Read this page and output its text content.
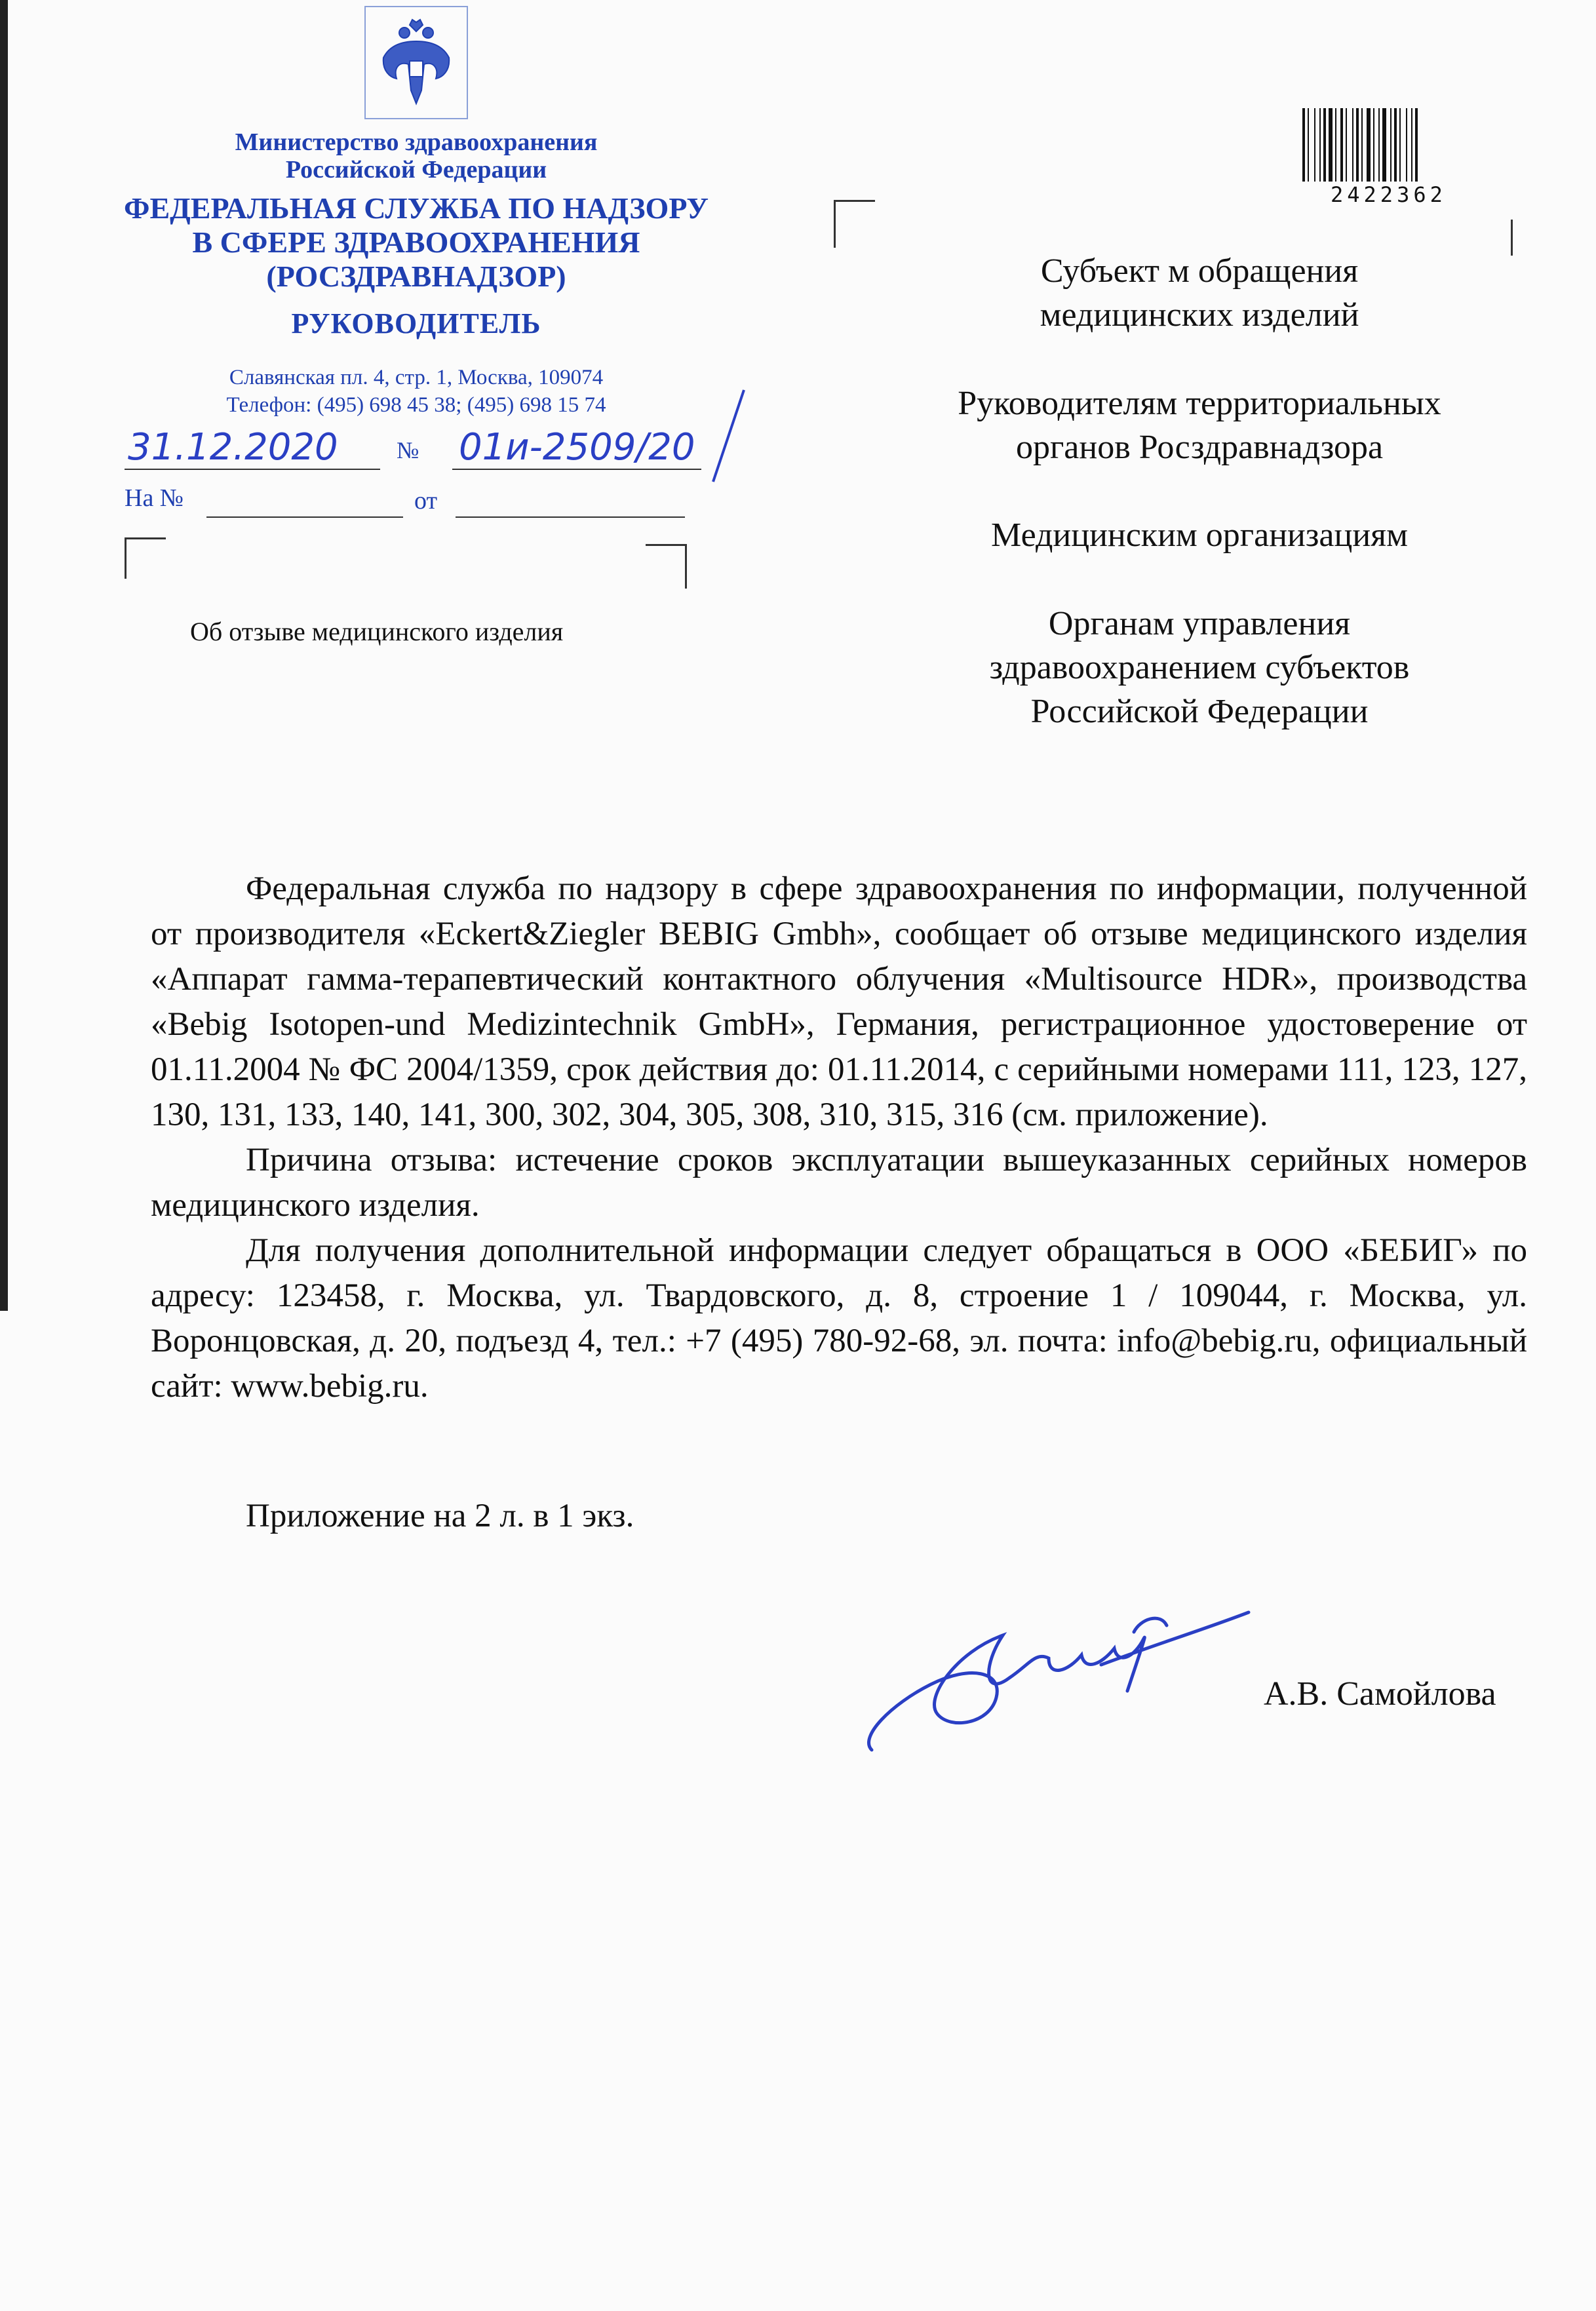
Министерство здравоохранения
Российской Федерации
ФЕДЕРАЛЬНАЯ СЛУЖБА ПО НАДЗОРУ
В СФЕРЕ ЗДРАВООХРАНЕНИЯ
(РОСЗДРАВНАДЗОР)
РУКОВОДИТЕЛЬ
Славянская пл. 4, стр. 1, Москва, 109074
Телефон: (495) 698 45 38; (495) 698 15 74
31.12.2020 № 01и-2509/20
На №	от
Об отзыве медицинского изделия
2422362
Субъект м обращения
медицинских изделий
Руководителям территориальных
органов Росздравнадзора
Медицинским организациям
Органам управления
здравоохранением субъектов
Российской Федерации

Федеральная служба по надзору в сфере здравоохранения по информации, полученной от производителя «Eckert&Ziegler BEBIG Gmbh», сообщает об отзыве медицинского изделия «Аппарат гамма-терапевтический контактного облучения «Multisource HDR», производства «Bebig Isotopen-und Medizintechnik GmbH», Германия, регистрационное удостоверение от 01.11.2004 № ФС 2004/1359, срок действия до: 01.11.2014, с серийными номерами 111, 123, 127, 130, 131, 133, 140, 141, 300, 302, 304, 305, 308, 310, 315, 316 (см. приложение).

Причина отзыва: истечение сроков эксплуатации вышеуказанных серийных номеров медицинского изделия.

Для получения дополнительной информации следует обращаться в ООО «БЕБИГ» по адресу: 123458, г. Москва, ул. Твардовского, д. 8, строение 1 / 109044, г. Москва, ул. Воронцовская, д. 20, подъезд 4, тел.: +7 (495) 780-92-68, эл. почта: info@bebig.ru, официальный сайт: www.bebig.ru.

Приложение на 2 л. в 1 экз.
А.В. Самойлова
